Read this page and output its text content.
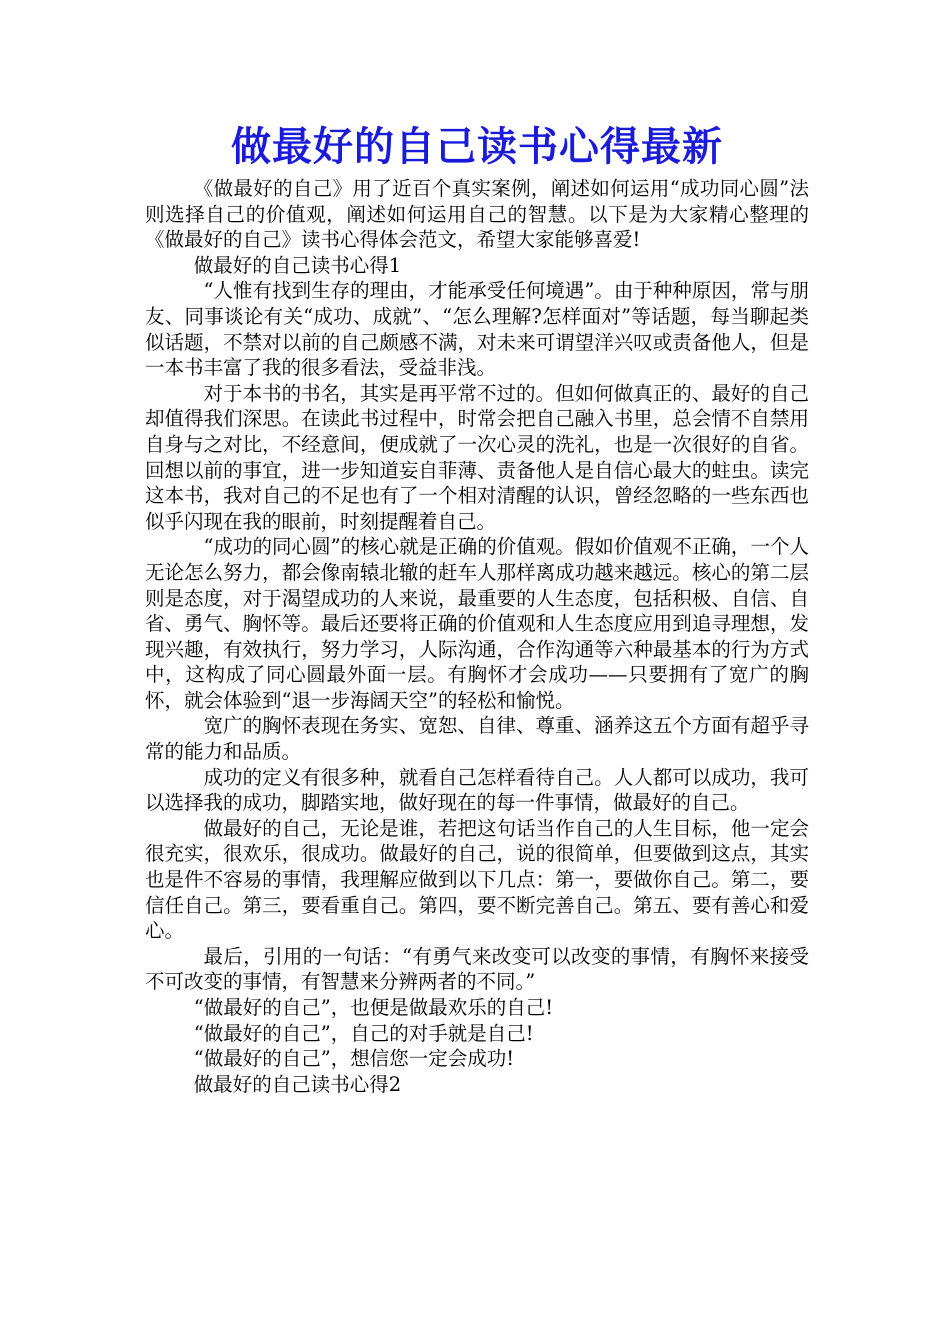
做最好的自己读书心得最新

《做最好的自己》用了近百个真实案例，阐述如何运用“成功同心圆”法则选择自己的价值观，阐述如何运用自己的智慧。以下是为大家精心整理的《做最好的自己》读书心得体会范文，希望大家能够喜爱!

做最好的自己读书心得1

“人惟有找到生存的理由，才能承受任何境遇”。由于种种原因，常与朋友、同事谈论有关“成功、成就”、“怎么理解?怎样面对”等话题，每当聊起类似话题，不禁对以前的自己颇感不满，对未来可谓望洋兴叹或责备他人，但是一本书丰富了我的很多看法，受益非浅。

对于本书的书名，其实是再平常不过的。但如何做真正的、最好的自己却值得我们深思。在读此书过程中，时常会把自己融入书里，总会情不自禁用自身与之对比，不经意间，便成就了一次心灵的洗礼，也是一次很好的自省。回想以前的事宜，进一步知道妄自菲薄、责备他人是自信心最大的蛀虫。读完这本书，我对自己的不足也有了一个相对清醒的认识，曾经忽略的一些东西也似乎闪现在我的眼前，时刻提醒着自己。

“成功的同心圆”的核心就是正确的价值观。假如价值观不正确，一个人无论怎么努力，都会像南辕北辙的赶车人那样离成功越来越远。核心的第二层则是态度，对于渴望成功的人来说，最重要的人生态度，包括积极、自信、自省、勇气、胸怀等。最后还要将正确的价值观和人生态度应用到追寻理想，发现兴趣，有效执行，努力学习，人际沟通，合作沟通等六种最基本的行为方式中，这构成了同心圆最外面一层。有胸怀才会成功——只要拥有了宽广的胸怀，就会体验到“退一步海阔天空”的轻松和愉悦。

宽广的胸怀表现在务实、宽恕、自律、尊重、涵养这五个方面有超乎寻常的能力和品质。

成功的定义有很多种，就看自己怎样看待自己。人人都可以成功，我可以选择我的成功，脚踏实地，做好现在的每一件事情，做最好的自己。

做最好的自己，无论是谁，若把这句话当作自己的人生目标，他一定会很充实，很欢乐，很成功。做最好的自己，说的很简单，但要做到这点，其实也是件不容易的事情，我理解应做到以下几点：第一，要做你自己。第二，要信任自己。第三，要看重自己。第四，要不断完善自己。第五、要有善心和爱心。

最后，引用的一句话：“有勇气来改变可以改变的事情，有胸怀来接受不可改变的事情，有智慧来分辨两者的不同。”

“做最好的自己”，也便是做最欢乐的自己!

“做最好的自己”，自己的对手就是自己!

“做最好的自己”，想信您一定会成功!

做最好的自己读书心得2
